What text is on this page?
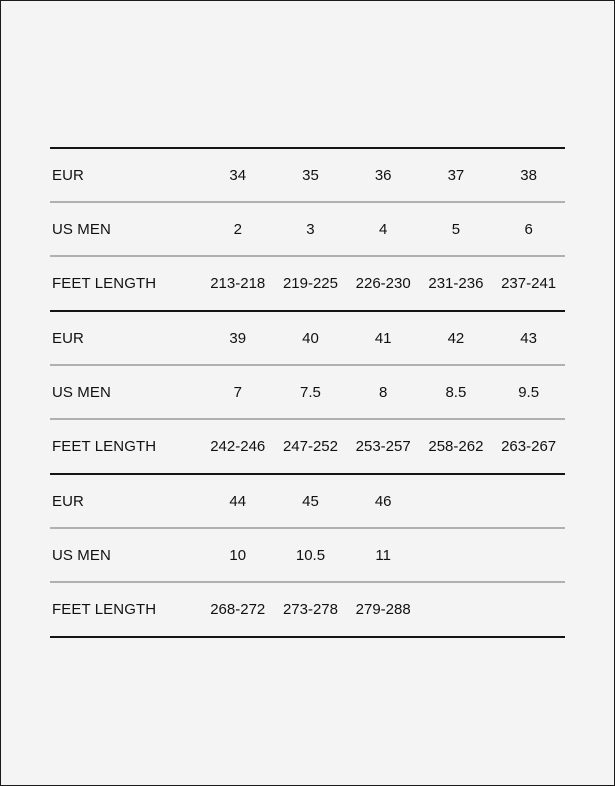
EUR	34	35	36	37	38
US MEN	2	3	4	5	6
FEET LENGTH	213-218	219-225	226-230	231-236	237-241
EUR	39	40	41	42	43
US MEN	7	7.5	8	8.5	9.5
FEET LENGTH	242-246	247-252	253-257	258-262	263-267
EUR	44	45	46
US MEN	10	10.5	11
FEET LENGTH	268-272	273-278	279-288
